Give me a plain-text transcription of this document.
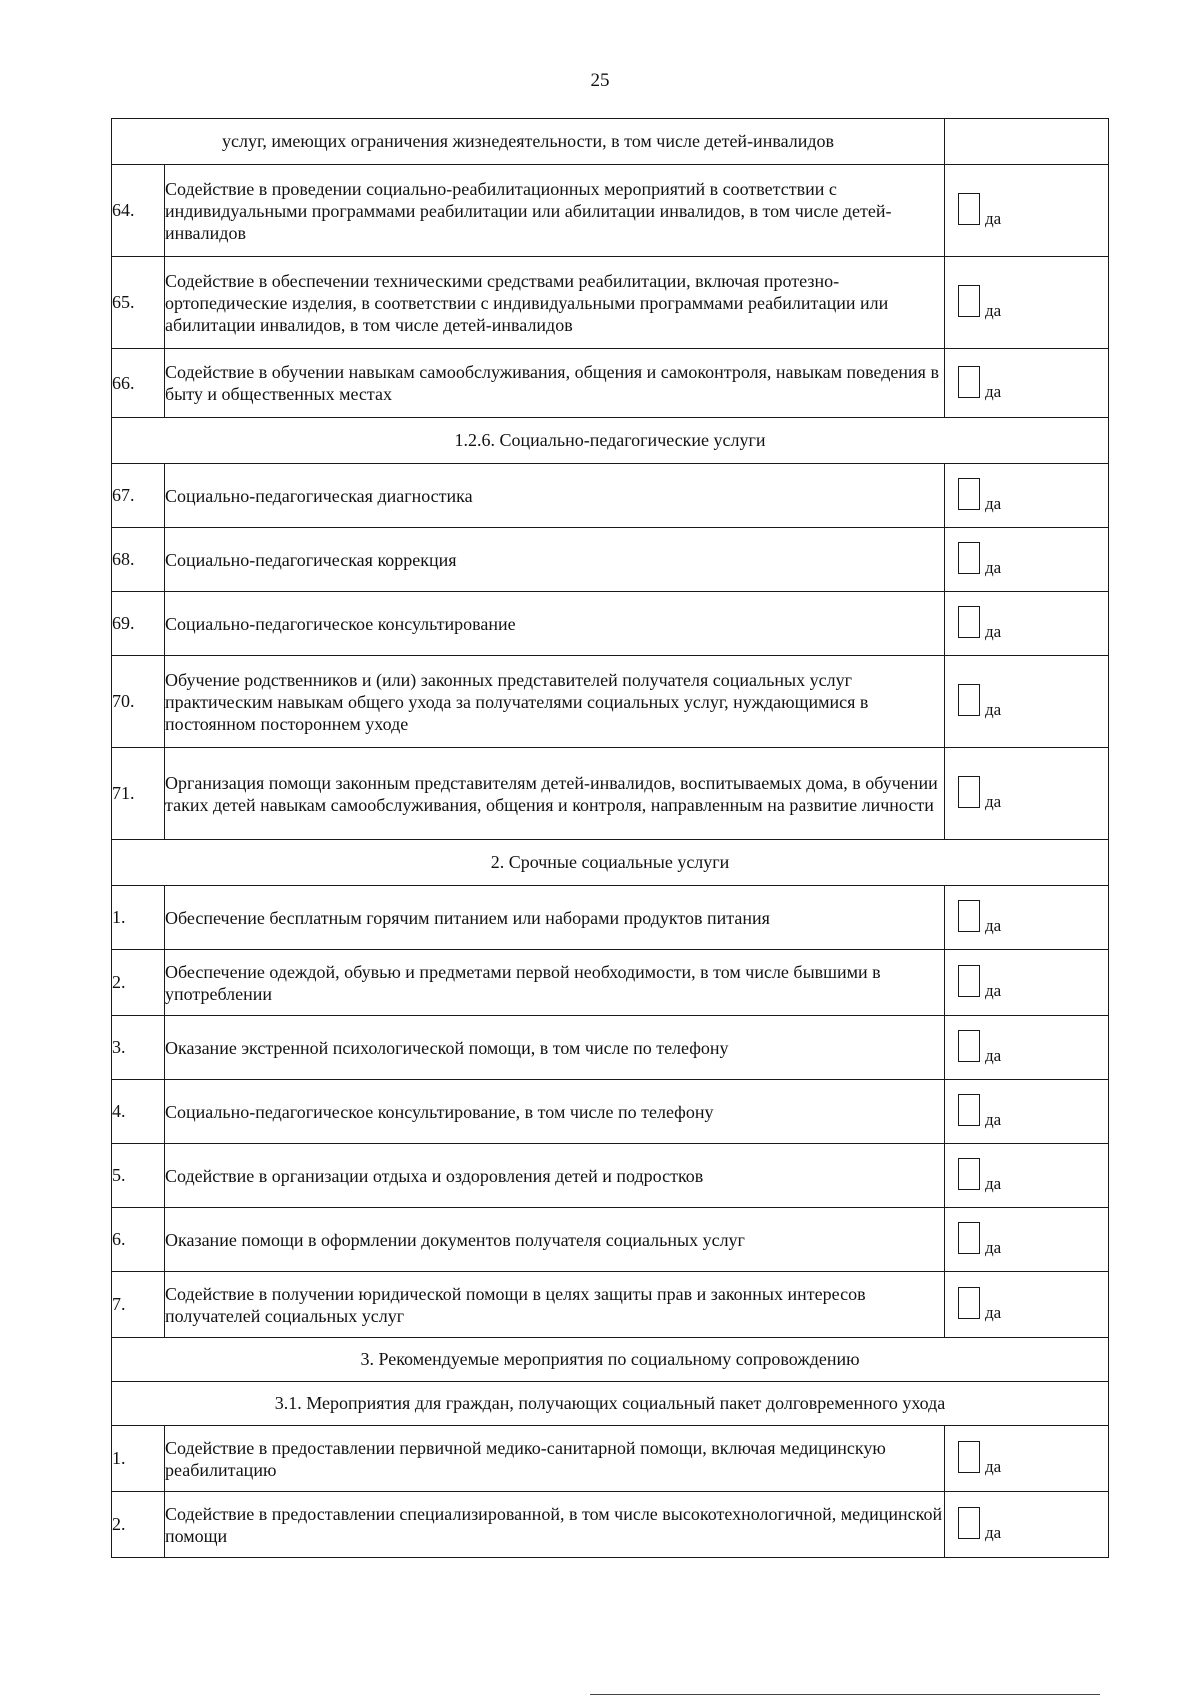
25
услуг, имеющих ограничения жизнедеятельности, в том числе детей-инвалидов		
64.	Содействие в проведении социально-реабилитационных мероприятий в соответствии с индивидуальными программами реабилитации или абилитации инвалидов, в том числе детей-инвалидов	да

65.	Содействие в обеспечении техническими средствами реабилитации, включая протезно-ортопедические изделия, в соответствии с индивидуальными программами реабилитации или абилитации инвалидов, в том числе детей-инвалидов	да

66.	Содействие в обучении навыкам самообслуживания, общения и самоконтроля, навыкам поведения в быту и общественных местах	да

1.2.6. Социально-педагогические услуги		
67.	Социально-педагогическая диагностика	да

68.	Социально-педагогическая коррекция	да

69.	Социально-педагогическое консультирование	да

70.	Обучение родственников и (или) законных представителей получателя социальных услуг практическим навыкам общего ухода за получателями социальных услуг, нуждающимися в постоянном постороннем уходе	да

71.	Организация помощи законным представителям детей-инвалидов, воспитываемых дома, в обучении таких детей навыкам самообслуживания, общения и контроля, направленным на развитие личности	да

2. Срочные социальные услуги		
1.	Обеспечение бесплатным горячим питанием или наборами продуктов питания	да

2.	Обеспечение одеждой, обувью и предметами первой необходимости, в том числе бывшими в употреблении	да

3.	Оказание экстренной психологической помощи, в том числе по телефону	да

4.	Социально-педагогическое консультирование, в том числе по телефону	да

5.	Содействие в организации отдыха и оздоровления детей и подростков	да

6.	Оказание помощи в оформлении документов получателя социальных услуг	да

7.	Содействие в получении юридической помощи в целях защиты прав и законных интересов получателей социальных услуг	да

3. Рекомендуемые мероприятия по социальному сопровождению		
3.1. Мероприятия для граждан, получающих социальный пакет долговременного ухода		
1.	Содействие в предоставлении первичной медико-санитарной помощи, включая медицинскую реабилитацию	да

2.	Содействие в предоставлении специализированной, в том числе высокотехнологичной, медицинской помощи	да
